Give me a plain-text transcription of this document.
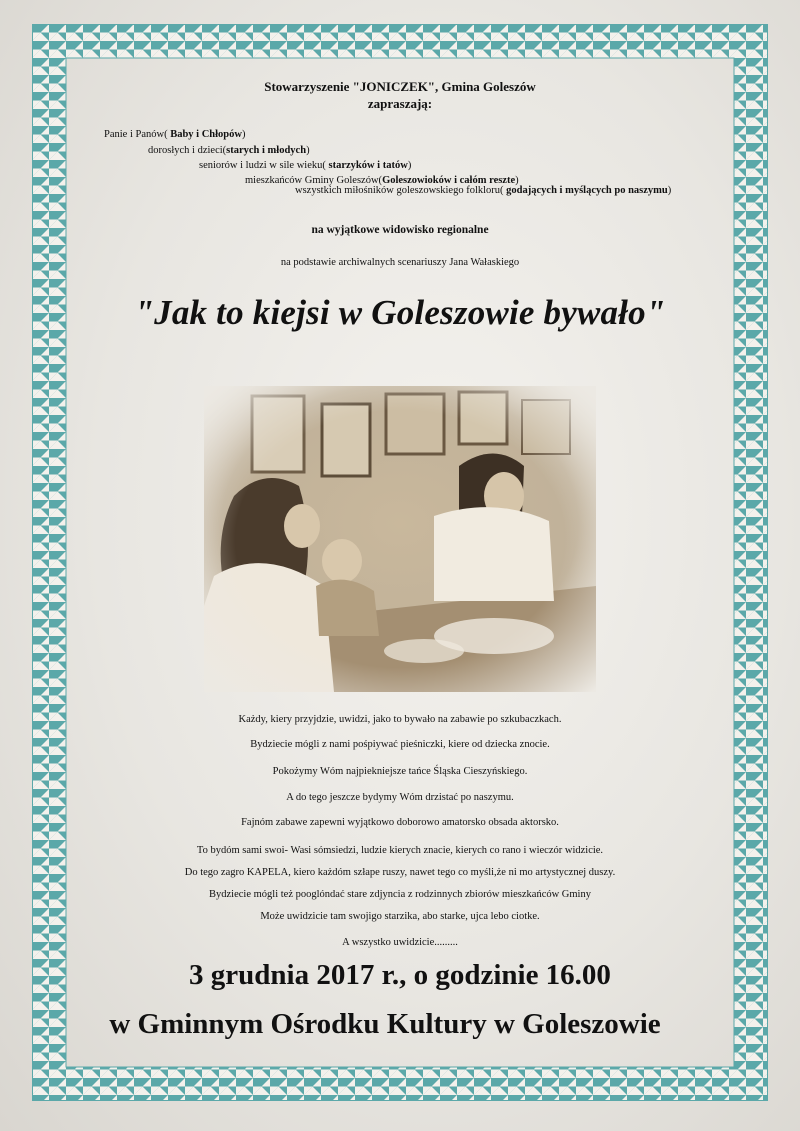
Stowarzyszenie "JONICZEK", Gmina Goleszów
zapraszają:
Panie i Panów( Baby i Chłopów)
dorosłych i dzieci(starych i młodych)
seniorów i ludzi w sile wieku( starzyków i tatów)
mieszkańców Gminy Goleszów(Goleszowioków i całóm reszte)
wszystkich miłośników goleszowskiego folkloru( godających i myślących po naszymu)
na wyjątkowe widowisko regionalne
na podstawie archiwalnych scenariuszy Jana Wałaskiego
"Jak to kiejsi w Goleszowie bywało"
Każdy, kiery przyjdzie, uwidzi, jako to bywało na zabawie po szkubaczkach.
Bydziecie mógli z nami pośpiywać pieśniczki, kiere od dziecka znocie.
Pokożymy Wóm najpiekniejsze tańce Śląska Cieszyńskiego.
A do tego jeszcze bydymy Wóm drzistać po naszymu.
Fajnóm zabawe zapewni wyjątkowo doborowo amatorsko obsada aktorsko.
To bydóm sami swoi- Wasi sómsiedzi, ludzie kierych znacie, kierych co rano i wieczór widzicie.
Do tego zagro KAPELA, kiero każdóm szłape ruszy, nawet tego co myśli,że ni mo artystycznej duszy.
Bydziecie mógli też pooglóndać stare zdjyncia z rodzinnych zbiorów mieszkańców Gminy
Może uwidzicie tam swojigo starzika, abo starke, ujca lebo ciotke.
A wszystko uwidzicie.........
3 grudnia 2017 r., o godzinie 16.00
w Gminnym Ośrodku Kultury w Goleszowie
